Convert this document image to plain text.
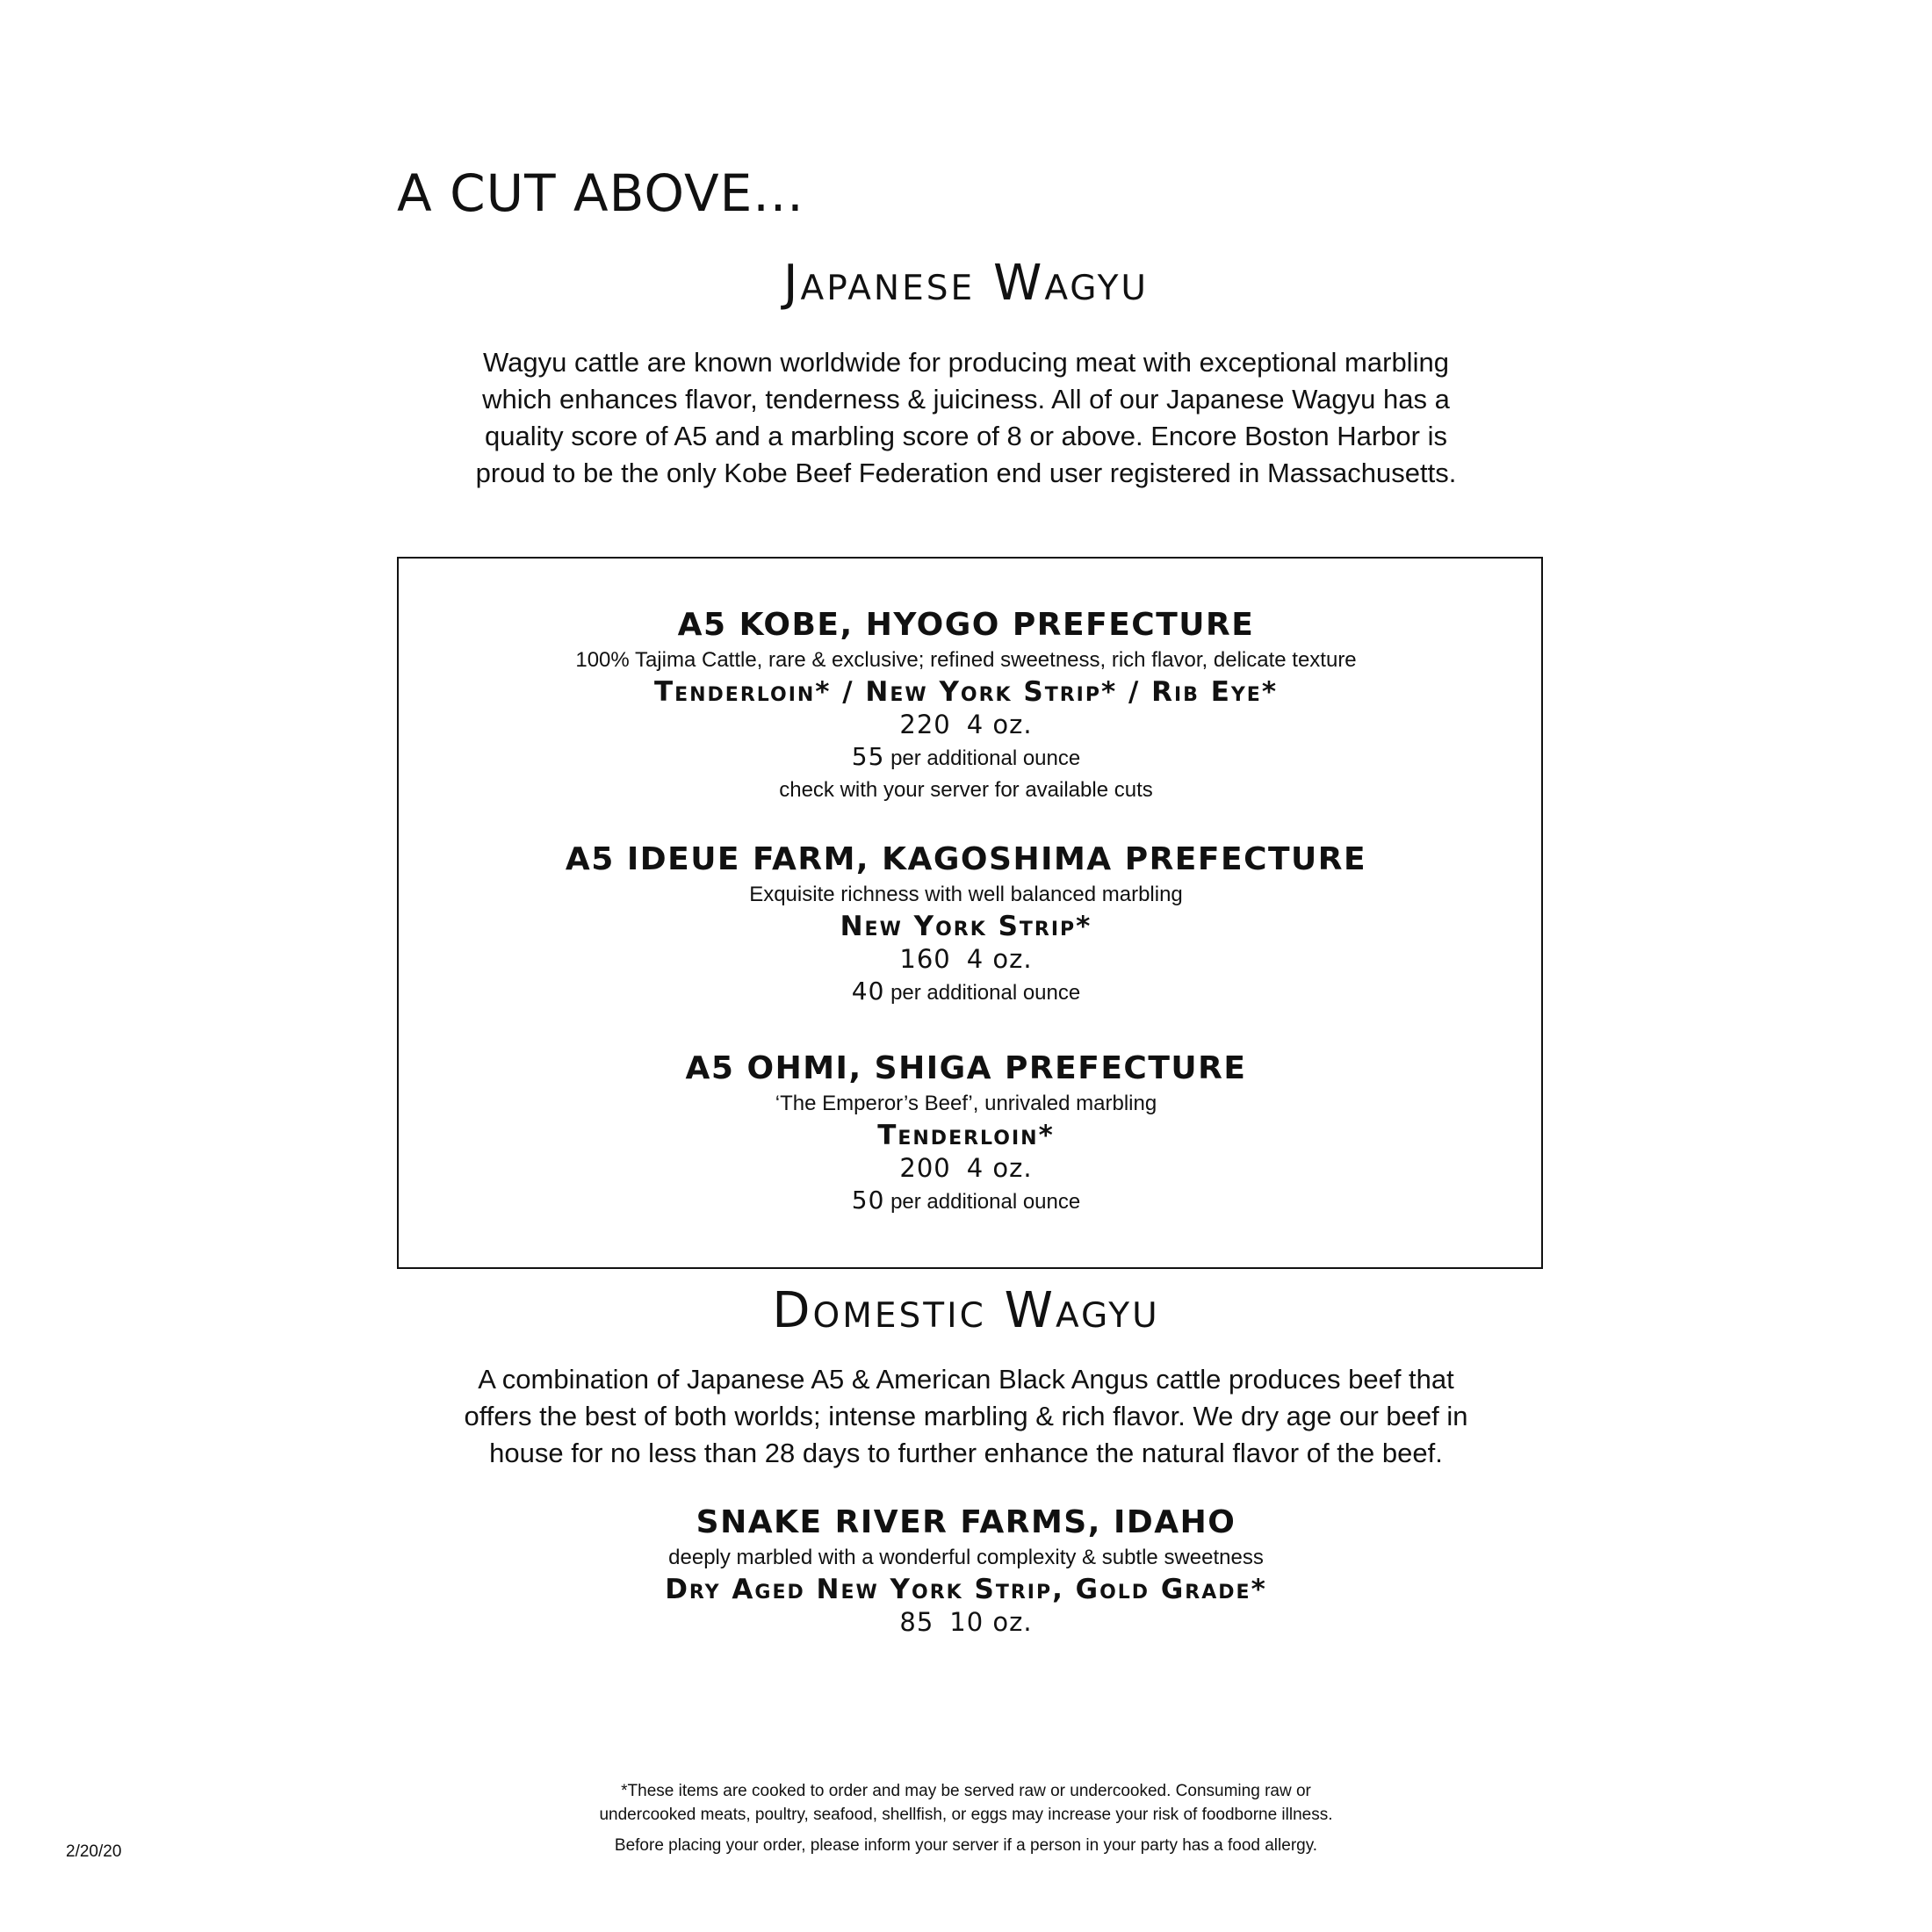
A CUT ABOVE...
Japanese Wagyu

Wagyu cattle are known worldwide for producing meat with exceptional marbling
which enhances flavor, tenderness & juiciness. All of our Japanese Wagyu has a
quality score of A5 and a marbling score of 8 or above. Encore Boston Harbor is
proud to be the only Kobe Beef Federation end user registered in Massachusetts.

A5 KOBE, HYOGO PREFECTURE
100% Tajima Cattle, rare & exclusive; refined sweetness, rich flavor, delicate texture
Tenderloin* / New York Strip* / Rib Eye*
220 4 oz.
55 per additional ounce
check with your server for available cuts
A5 IDEUE FARM, KAGOSHIMA PREFECTURE
Exquisite richness with well balanced marbling
New York Strip*
160 4 oz.
40 per additional ounce
A5 OHMI, SHIGA PREFECTURE
‘The Emperor’s Beef’, unrivaled marbling
Tenderloin*
200 4 oz.
50 per additional ounce
Domestic Wagyu

A combination of Japanese A5 & American Black Angus cattle produces beef that
offers the best of both worlds; intense marbling & rich flavor. We dry age our beef in
house for no less than 28 days to further enhance the natural flavor of the beef.

SNAKE RIVER FARMS, IDAHO
deeply marbled with a wonderful complexity & subtle sweetness
Dry Aged New York Strip, Gold Grade*
85 10 oz.
*These items are cooked to order and may be served raw or undercooked. Consuming raw or
undercooked meats, poultry, seafood, shellfish, or eggs may increase your risk of foodborne illness.
Before placing your order, please inform your server if a person in your party has a food allergy.
2/20/20
